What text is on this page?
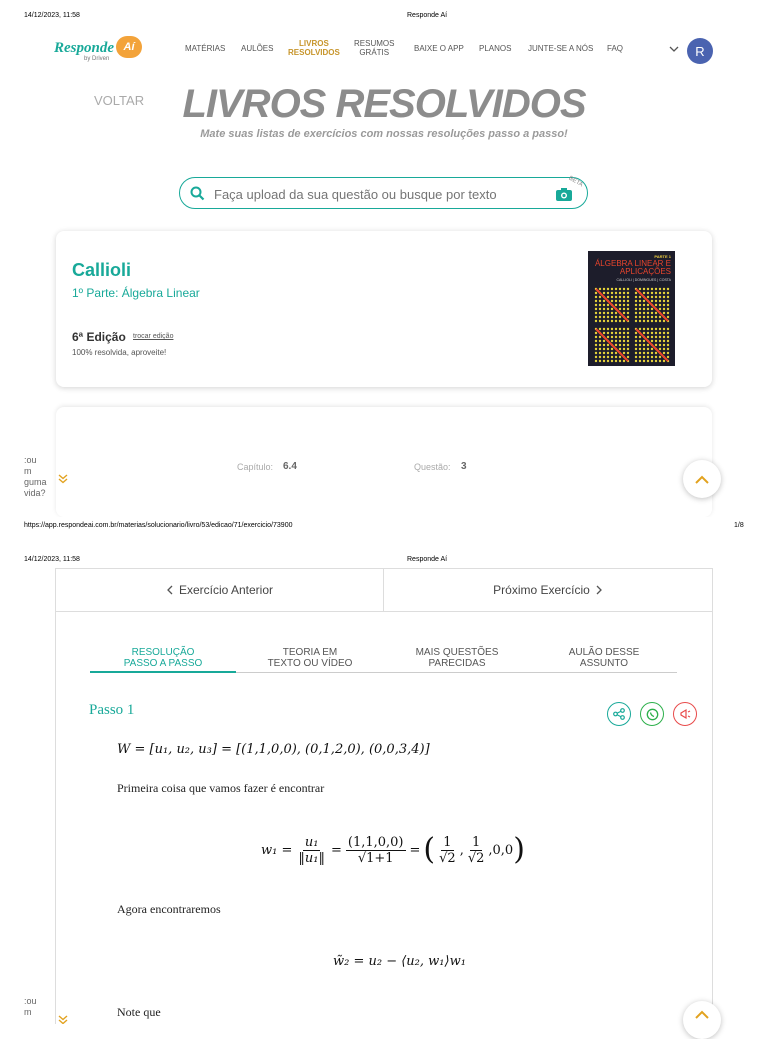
14/12/2023, 11:58	Responde Aí
Responde Aí
by Driven
MATÉRIAS AULÕES
LIVROS
RESOLVIDOS
RESUMOS
GRÁTIS	BAIXE O APP PLANOS JUNTE-SE A NÓS FAQ	R
VOLTAR LIVROS RESOLVIDOS
Mate suas listas de exercícios com nossas resoluções passo a passo!
Faça upload da sua questão ou busque por texto
BETA
Callioli
1º Parte: Álgebra Linear
6ª Edição trocar edição
100% resolvida, aproveite!
PARTE 1
ÁLGEBRA LINEAR E APLICAÇÕES
CALLIOLI | DOMINGUES | COSTA
Capítulo: 6.4	Questão: 3
:ou
m
guma
vida?
https://app.respondeai.com.br/materias/solucionario/livro/53/edicao/71/exercicio/73900	1/8
14/12/2023, 11:58	Responde Aí
Exercício Anterior	Próximo Exercício
RESOLUÇÃO
PASSO A PASSO
TEORIA EM
TEXTO OU VÍDEO
MAIS QUESTÕES
PARECIDAS
AULÃO DESSE
ASSUNTO
Passo 1
W = [u₁, u₂, u₃] = [(1,1,0,0), (0,1,2,0), (0,0,3,4)]
Primeira coisa que vamos fazer é encontrar
$w_1 = \frac{\text{u₁}}{\text{‖u₁‖}} = \frac{(1,1,0,0)}{√1+1}$ = ( 1
√2
,
1
√2
, 0,0 )
Agora encontraremos
w̃₂ = u₂ − ⟨u₂, w₁⟩w₁
Note que
:ou
m
